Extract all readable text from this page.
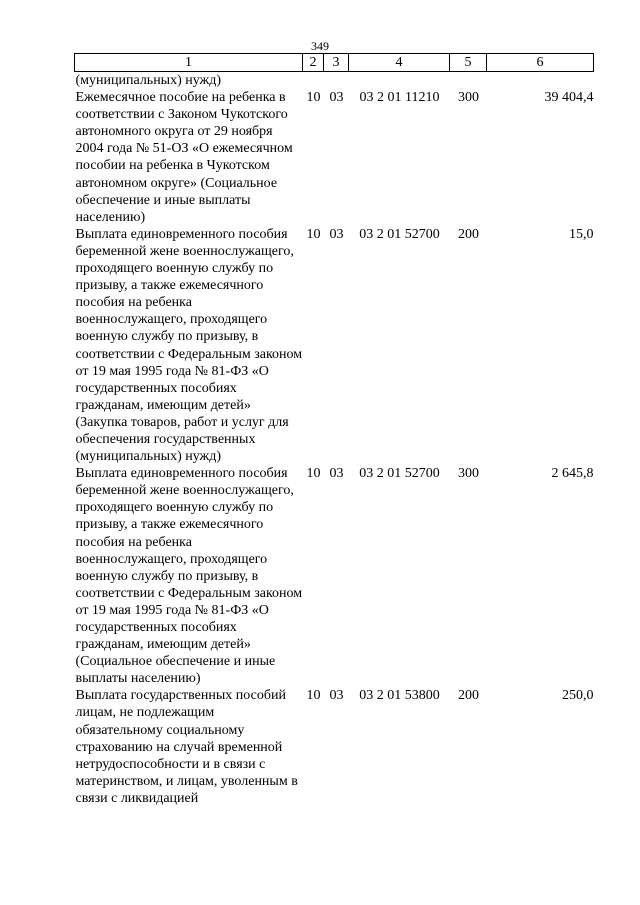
349
1	2	3	4	5	6
(муниципальных) нужд)					
Ежемесячное пособие на ребенка в соответствии с Законом Чукотского автономного округа от 29 ноября 2004 года № 51-ОЗ «О ежемесячном пособии на ребенка в Чукотском автономном округе» (Социальное обеспечение и иные выплаты населению)	10	03	03 2 01 11210	300	39 404,4
Выплата единовременного пособия беременной жене военнослужащего, проходящего военную службу по призыву, а также ежемесячного пособия на ребенка военнослужащего, проходящего военную службу по призыву, в соответствии с Федеральным законом от 19 мая 1995 года № 81-ФЗ «О государственных пособиях гражданам, имеющим детей» (Закупка товаров, работ и услуг для обеспечения государственных (муниципальных) нужд)	10	03	03 2 01 52700	200	15,0
Выплата единовременного пособия беременной жене военнослужащего, проходящего военную службу по призыву, а также ежемесячного пособия на ребенка военнослужащего, проходящего военную службу по призыву, в соответствии с Федеральным законом от 19 мая 1995 года № 81-ФЗ «О государственных пособиях гражданам, имеющим детей» (Социальное обеспечение и иные выплаты населению)	10	03	03 2 01 52700	300	2 645,8
Выплата государственных пособий лицам, не подлежащим обязательному социальному страхованию на случай временной нетрудоспособности и в связи с материнством, и лицам, уволенным в связи с ликвидацией	10	03	03 2 01 53800	200	250,0
